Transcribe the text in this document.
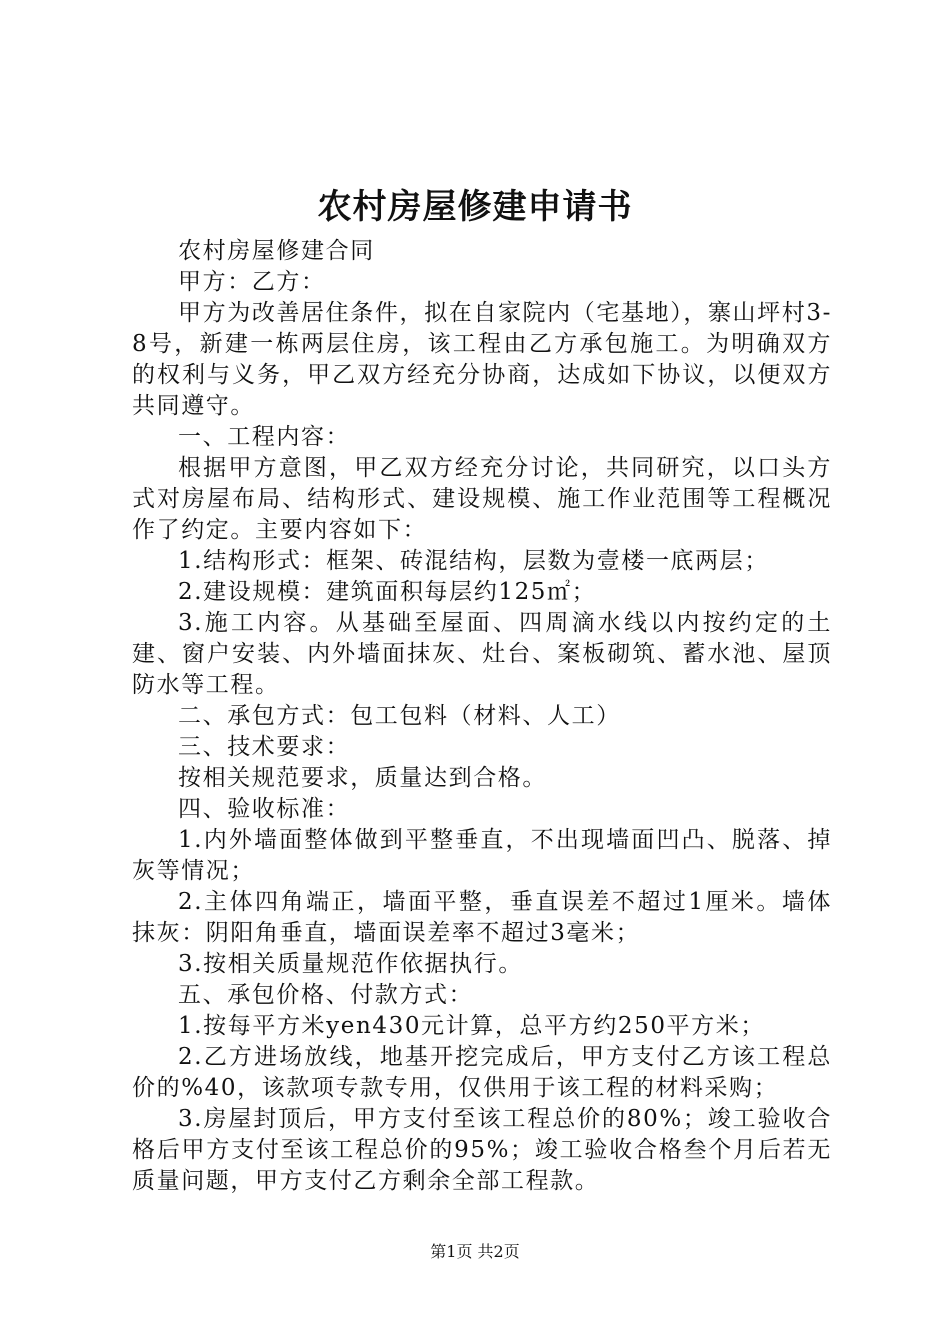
农村房屋修建申请书

农村房屋修建合同

甲方：乙方：

甲方为改善居住条件，拟在自家院内（宅基地），寨山坪村3-8号，新建一栋两层住房，该工程由乙方承包施工。为明确双方的权利与义务，甲乙双方经充分协商，达成如下协议，以便双方共同遵守。

一、工程内容：

根据甲方意图，甲乙双方经充分讨论，共同研究，以口头方式对房屋布局、结构形式、建设规模、施工作业范围等工程概况作了约定。主要内容如下：

1.结构形式：框架、砖混结构，层数为壹楼一底两层；

2.建设规模：建筑面积每层约125㎡；

3.施工内容。从基础至屋面、四周滴水线以内按约定的土建、窗户安装、内外墙面抹灰、灶台、案板砌筑、蓄水池、屋顶防水等工程。

二、承包方式：包工包料（材料、人工）

三、技术要求：

按相关规范要求，质量达到合格。

四、验收标准：

1.内外墙面整体做到平整垂直，不出现墙面凹凸、脱落、掉灰等情况；

2.主体四角端正，墙面平整，垂直误差不超过1厘米。墙体抹灰：阴阳角垂直，墙面误差率不超过3毫米；

3.按相关质量规范作依据执行。

五、承包价格、付款方式：

1.按每平方米yen430元计算，总平方约250平方米；

2.乙方进场放线，地基开挖完成后，甲方支付乙方该工程总价的%40，该款项专款专用，仅供用于该工程的材料采购；

3.房屋封顶后，甲方支付至该工程总价的80%；竣工验收合格后甲方支付至该工程总价的95%；竣工验收合格叁个月后若无质量问题，甲方支付乙方剩余全部工程款。

第1页 共2页
